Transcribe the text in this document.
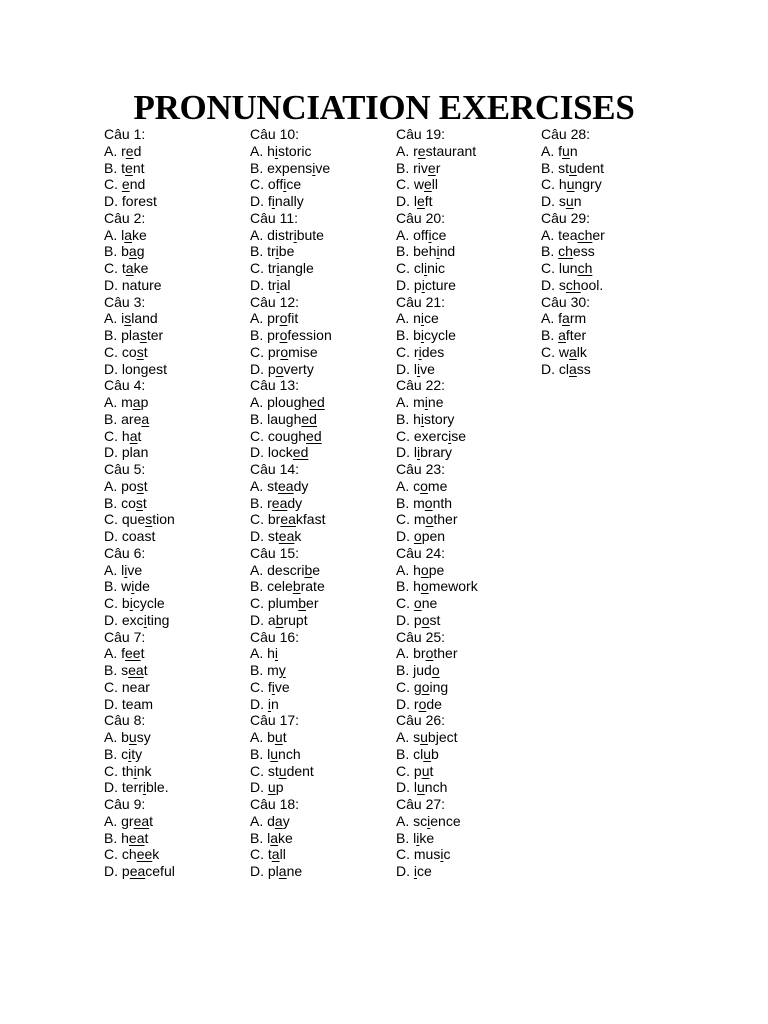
PRONUNCIATION EXERCISES
Câu 1:
A. red
B. tent
C. end
D. forest
Câu 2:
A. lake
B. bag
C. take
D. nature
Câu 3:
A. island
B. plaster
C. cost
D. longest
Câu 4:
A. map
B. area
C. hat
D. plan
Câu 5:
A. post
B. cost
C. question
D. coast
Câu 6:
A. live
B. wide
C. bicycle
D. exciting
Câu 7:
A. feet
B. seat
C. near
D. team
Câu 8:
A. busy
B. city
C. think
D. terrible.
Câu 9:
A. great
B. heat
C. cheek
D. peaceful
Câu 10:
A. historic
B. expensive
C. office
D. finally
Câu 11:
A. distribute
B. tribe
C. triangle
D. trial
Câu 12:
A. profit
B. profession
C. promise
D. poverty
Câu 13:
A. ploughed
B. laughed
C. coughed
D. locked
Câu 14:
A. steady
B. ready
C. breakfast
D. steak
Câu 15:
A. describe
B. celebrate
C. plumber
D. abrupt
Câu 16:
A. hi
B. my
C. five
D. in
Câu 17:
A. but
B. lunch
C. student
D. up
Câu 18:
A. day
B. lake
C. tall
D. plane
Câu 19:
A. restaurant
B. river
C. well
D. left
Câu 20:
A. office
B. behind
C. clinic
D. picture
Câu 21:
A. nice
B. bicycle
C. rides
D. live
Câu 22:
A. mine
B. history
C. exercise
D. library
Câu 23:
A. come
B. month
C. mother
D. open
Câu 24:
A. hope
B. homework
C. one
D. post
Câu 25:
A. brother
B. judo
C. going
D. rode
Câu 26:
A. subject
B. club
C. put
D. lunch
Câu 27:
A. science
B. like
C. music
D. ice
Câu 28:
A. fun
B. student
C. hungry
D. sun
Câu 29:
A. teacher
B. chess
C. lunch
D. school.
Câu 30:
A. farm
B. after
C. walk
D. class
